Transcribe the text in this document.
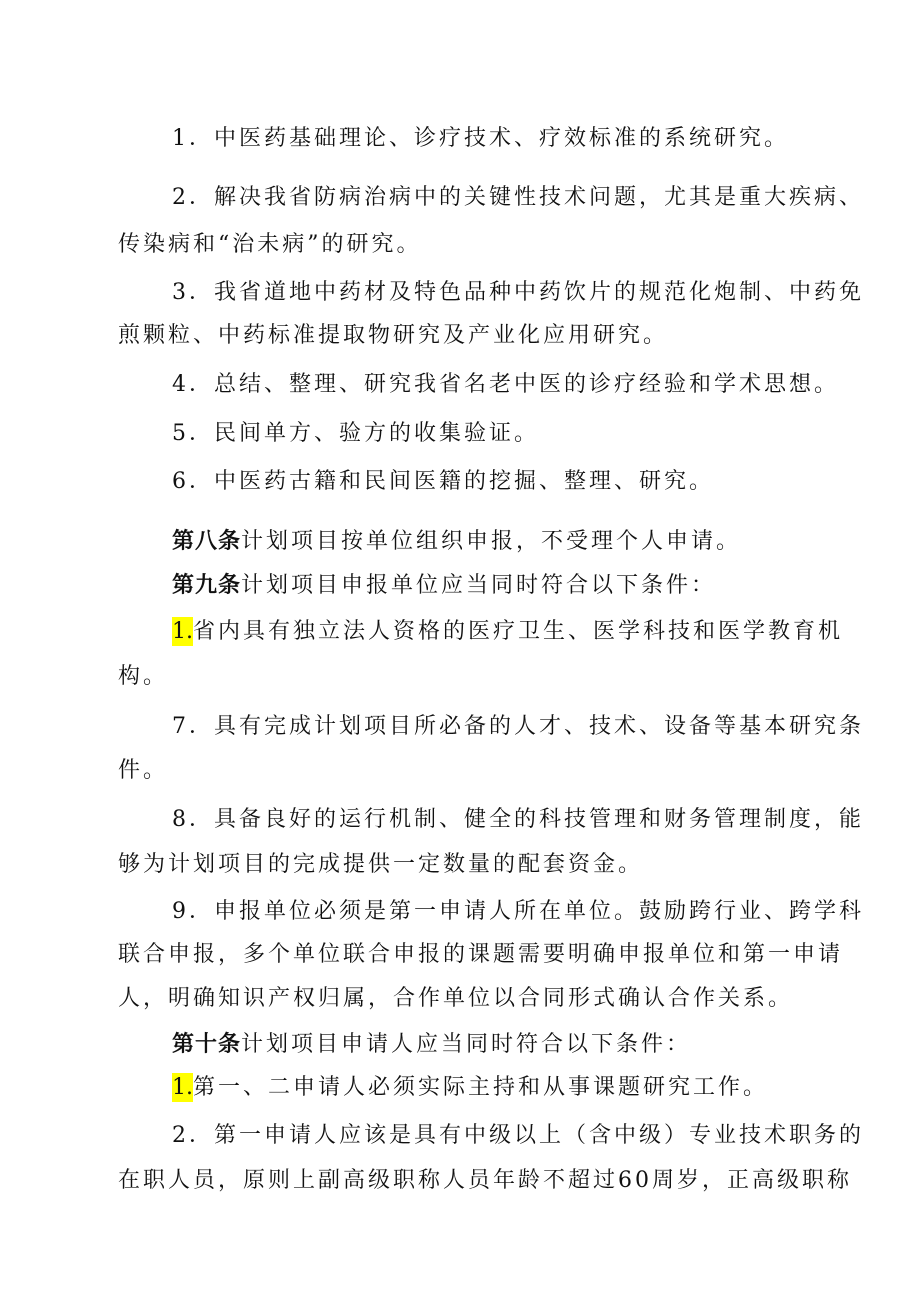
1．中医药基础理论、诊疗技术、疗效标准的系统研究。

2．解决我省防病治病中的关键性技术问题，尤其是重大疾病、

传染病和“治未病”的研究。

3．我省道地中药材及特色品种中药饮片的规范化炮制、中药免

煎颗粒、中药标准提取物研究及产业化应用研究。

4．总结、整理、研究我省名老中医的诊疗经验和学术思想。

5．民间单方、验方的收集验证。

6．中医药古籍和民间医籍的挖掘、整理、研究。

第八条计划项目按单位组织申报，不受理个人申请。

第九条计划项目申报单位应当同时符合以下条件：

1.省内具有独立法人资格的医疗卫生、医学科技和医学教育机

构。

7．具有完成计划项目所必备的人才、技术、设备等基本研究条

件。

8．具备良好的运行机制、健全的科技管理和财务管理制度，能

够为计划项目的完成提供一定数量的配套资金。

9．申报单位必须是第一申请人所在单位。鼓励跨行业、跨学科

联合申报，多个单位联合申报的课题需要明确申报单位和第一申请

人，明确知识产权归属，合作单位以合同形式确认合作关系。

第十条计划项目申请人应当同时符合以下条件：

1.第一、二申请人必须实际主持和从事课题研究工作。

2．第一申请人应该是具有中级以上（含中级）专业技术职务的

在职人员，原则上副高级职称人员年龄不超过60周岁，正高级职称
